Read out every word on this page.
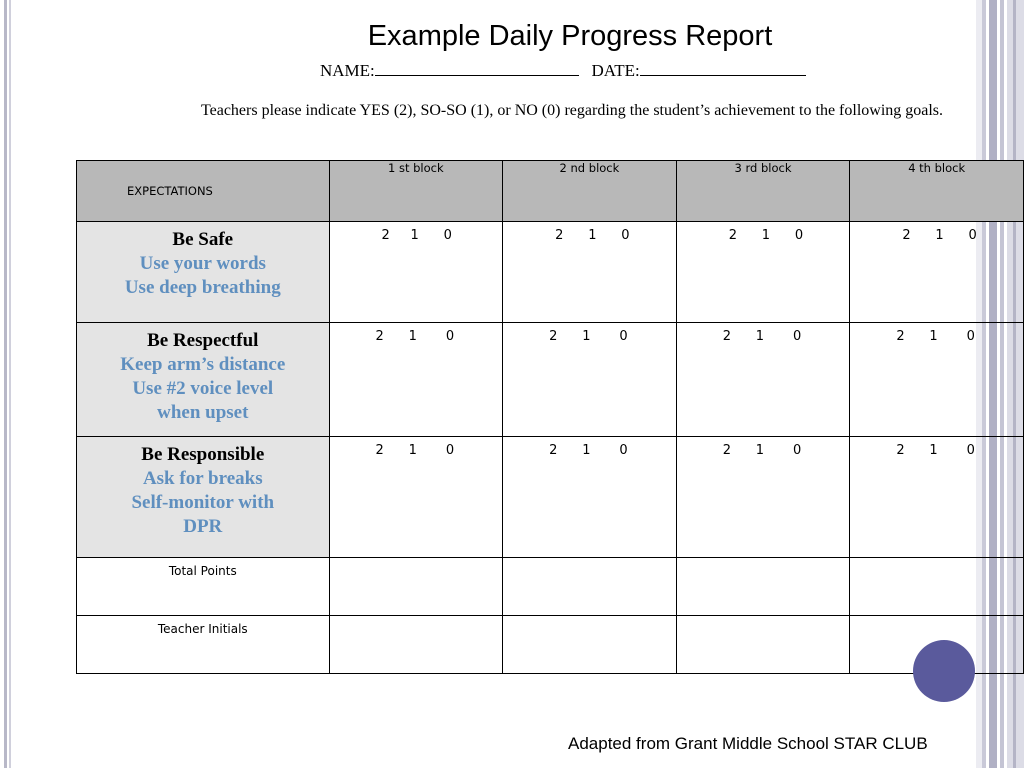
Example Daily Progress Report
NAME:	DATE:
Teachers please indicate YES (2), SO-SO (1), or NO (0) regarding the student’s achievement to the following goals.
EXPECTATIONS	1 st block	2 nd block	3 rd block	4 th block

Be Safe
Use your words
Use deep breathing	2 1 0	2 1 0	2 1 0	2 1 0

Be Respectful
Keep arm’s distance
Use #2 voice level
when upset	2 1 0	2 1 0	2 1 0	2 1 0

Be Responsible
Ask for breaks
Self-monitor with
DPR	2 1 0	2 1 0	2 1 0	2 1 0
Total Points				
Teacher Initials				
Adapted from Grant Middle School STAR CLUB
